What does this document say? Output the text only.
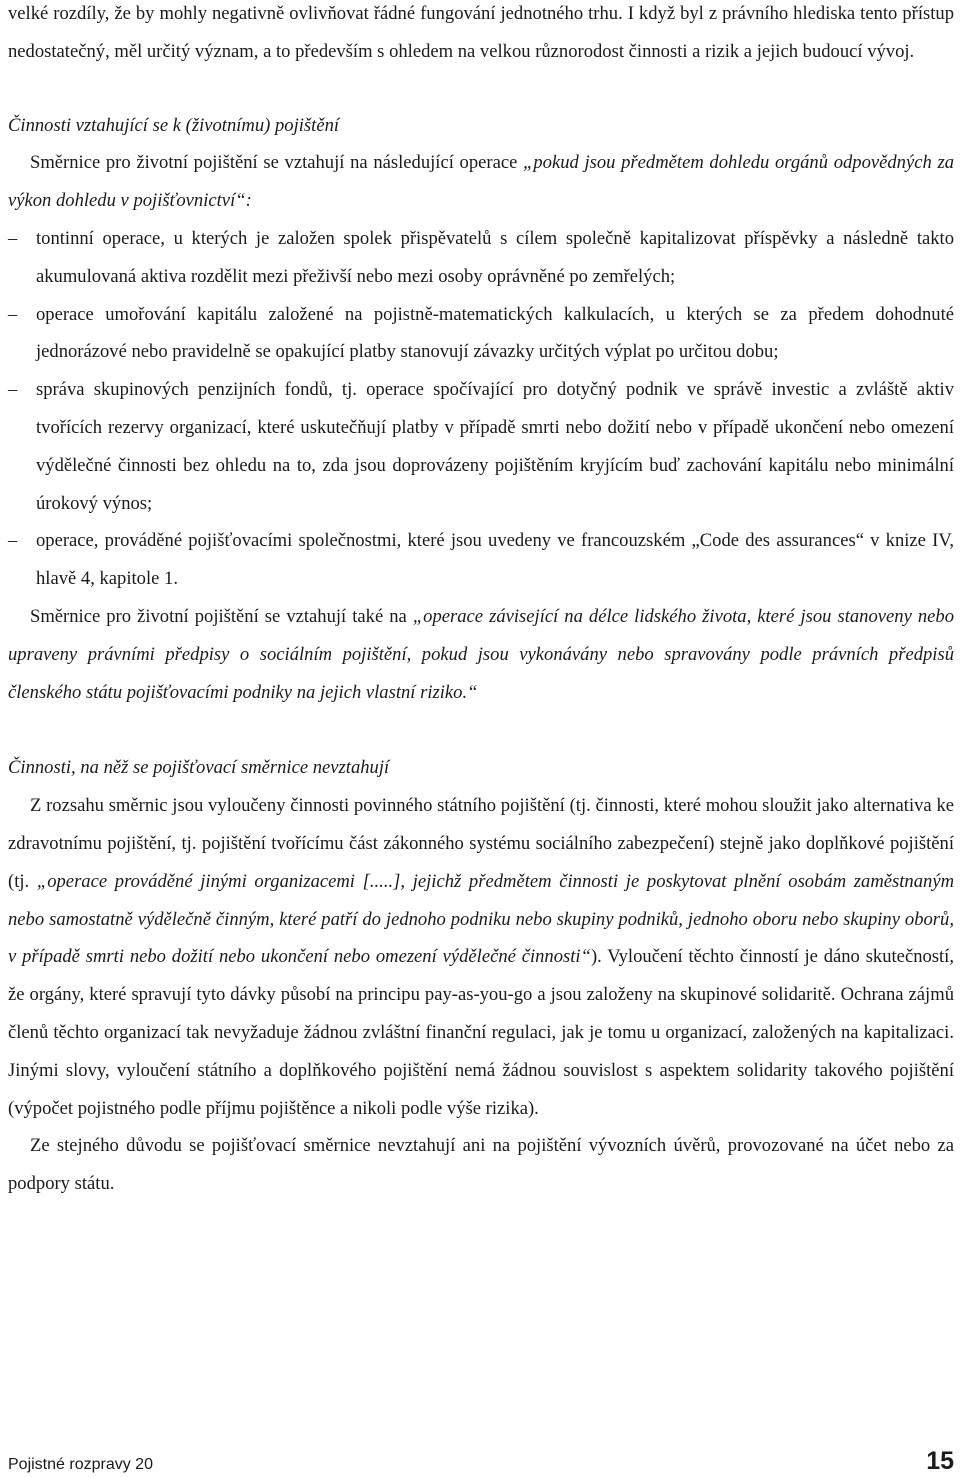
velké rozdíly, že by mohly negativně ovlivňovat řádné fungování jednotného trhu. I když byl z právního hlediska tento přístup nedostatečný, měl určitý význam, a to především s ohledem na velkou různorodost činnosti a rizik a jejich budoucí vývoj.

Činnosti vztahující se k (životnímu) pojištění

Směrnice pro životní pojištění se vztahují na následující operace „pokud jsou předmětem dohledu orgánů odpovědných za výkon dohledu v pojišťovnictví“:

– tontinní operace, u kterých je založen spolek přispěvatelů s cílem společně kapitalizovat příspěvky a následně takto akumulovaná aktiva rozdělit mezi přeživší nebo mezi osoby oprávněné po zemřelých;
– operace umořování kapitálu založené na pojistně-matematických kalkulacích, u kterých se za předem dohodnuté jednorázové nebo pravidelně se opakující platby stanovují závazky určitých výplat po určitou dobu;
– správa skupinových penzijních fondů, tj. operace spočívající pro dotyčný podnik ve správě investic a zvláště aktiv tvořících rezervy organizací, které uskutečňují platby v případě smrti nebo dožití nebo v případě ukončení nebo omezení výdělečné činnosti bez ohledu na to, zda jsou doprovázeny pojištěním kryjícím buď zachování kapitálu nebo minimální úrokový výnos;
– operace, prováděné pojišťovacími společnostmi, které jsou uvedeny ve francouzském „Code des assurances“ v knize IV, hlavě 4, kapitole 1.

Směrnice pro životní pojištění se vztahují také na „operace závisející na délce lidského života, které jsou stanoveny nebo upraveny právními předpisy o sociálním pojištění, pokud jsou vykonávány nebo spravovány podle právních předpisů členského státu pojišťovacími podniky na jejich vlastní riziko.“

Činnosti, na něž se pojišťovací směrnice nevztahují

Z rozsahu směrnic jsou vyloučeny činnosti povinného státního pojištění (tj. činnosti, které mohou sloužit jako alternativa ke zdravotnímu pojištění, tj. pojištění tvořícímu část zákonného systému sociálního zabezpečení) stejně jako doplňkové pojištění (tj. „operace prováděné jinými organizacemi [.....], jejichž předmětem činnosti je poskytovat plnění osobám zaměstnaným nebo samostatně výdělečně činným, které patří do jednoho podniku nebo skupiny podniků, jednoho oboru nebo skupiny oborů, v případě smrti nebo dožití nebo ukončení nebo omezení výdělečné činnosti“). Vyloučení těchto činností je dáno skutečností, že orgány, které spravují tyto dávky působí na principu pay-as-you-go a jsou založeny na skupinové solidaritě. Ochrana zájmů členů těchto organizací tak nevyžaduje žádnou zvláštní finanční regulaci, jak je tomu u organizací, založených na kapitalizaci. Jinými slovy, vyloučení státního a doplňkového pojištění nemá žádnou souvislost s aspektem solidarity takového pojištění (výpočet pojistného podle příjmu pojištěnce a nikoli podle výše rizika).

Ze stejného důvodu se pojišťovací směrnice nevztahují ani na pojištění vývozních úvěrů, provozované na účet nebo za podpory státu.

Pojistné rozpravy 20	15
